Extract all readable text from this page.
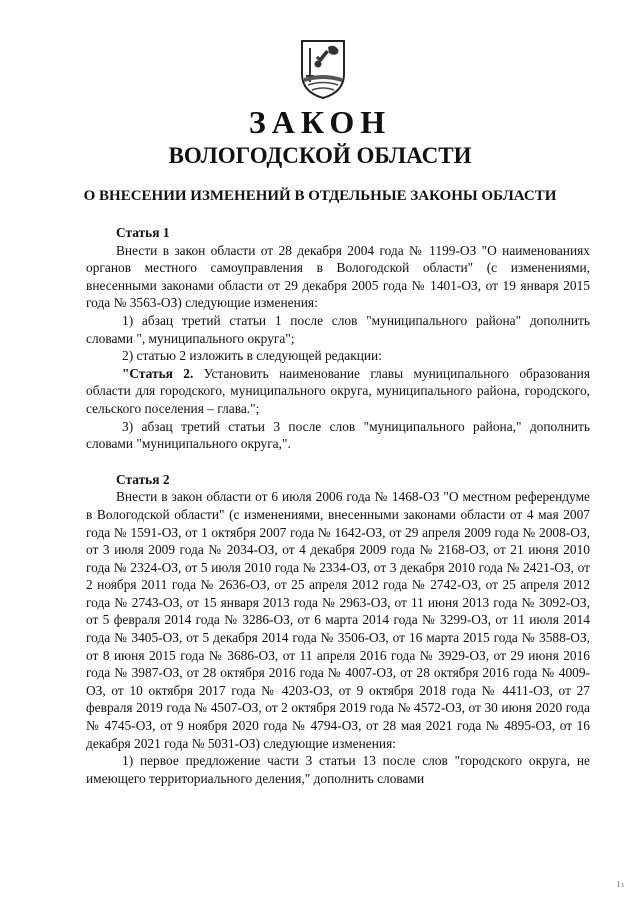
ЗАКОН
ВОЛОГОДСКОЙ ОБЛАСТИ
О ВНЕСЕНИИ ИЗМЕНЕНИЙ В ОТДЕЛЬНЫЕ ЗАКОНЫ ОБЛАСТИ

Статья 1

Внести в закон области от 28 декабря 2004 года № 1199-ОЗ "О наименованиях органов местного самоуправления в Вологодской области" (с изменениями, внесенными законами области от 29 декабря 2005 года № 1401-ОЗ, от 19 января 2015 года № 3563-ОЗ) следующие изменения:

1) абзац третий статьи 1 после слов "муниципального района" дополнить словами ", муниципального округа";

2) статью 2 изложить в следующей редакции:

"Статья 2. Установить наименование главы муниципального образования области для городского, муниципального округа, муниципального района, городского, сельского поселения – глава.";

3) абзац третий статьи 3 после слов "муниципального района," дополнить словами "муниципального округа,".

Статья 2

Внести в закон области от 6 июля 2006 года № 1468-ОЗ "О местном референдуме в Вологодской области" (с изменениями, внесенными законами области от 4 мая 2007 года № 1591-ОЗ, от 1 октября 2007 года № 1642-ОЗ, от 29 апреля 2009 года № 2008-ОЗ, от 3 июля 2009 года № 2034-ОЗ, от 4 декабря 2009 года № 2168-ОЗ, от 21 июня 2010 года № 2324-ОЗ, от 5 июля 2010 года № 2334-ОЗ, от 3 декабря 2010 года № 2421-ОЗ, от 2 ноября 2011 года № 2636-ОЗ, от 25 апреля 2012 года № 2742-ОЗ, от 25 апреля 2012 года № 2743-ОЗ, от 15 января 2013 года № 2963-ОЗ, от 11 июня 2013 года № 3092-ОЗ, от 5 февраля 2014 года № 3286-ОЗ, от 6 марта 2014 года № 3299-ОЗ, от 11 июля 2014 года № 3405-ОЗ, от 5 декабря 2014 года № 3506-ОЗ, от 16 марта 2015 года № 3588-ОЗ, от 8 июня 2015 года № 3686-ОЗ, от 11 апреля 2016 года № 3929-ОЗ, от 29 июня 2016 года № 3987-ОЗ, от 28 октября 2016 года № 4007-ОЗ, от 28 октября 2016 года № 4009-ОЗ, от 10 октября 2017 года № 4203-ОЗ, от 9 октября 2018 года № 4411-ОЗ, от 27 февраля 2019 года № 4507-ОЗ, от 2 октября 2019 года № 4572-ОЗ, от 30 июня 2020 года № 4745-ОЗ, от 9 ноября 2020 года № 4794-ОЗ, от 28 мая 2021 года № 4895-ОЗ, от 16 декабря 2021 года № 5031-ОЗ) следующие изменения:

1) первое предложение части 3 статьи 13 после слов "городского округа, не имеющего территориального деления," дополнить словами

I ı
